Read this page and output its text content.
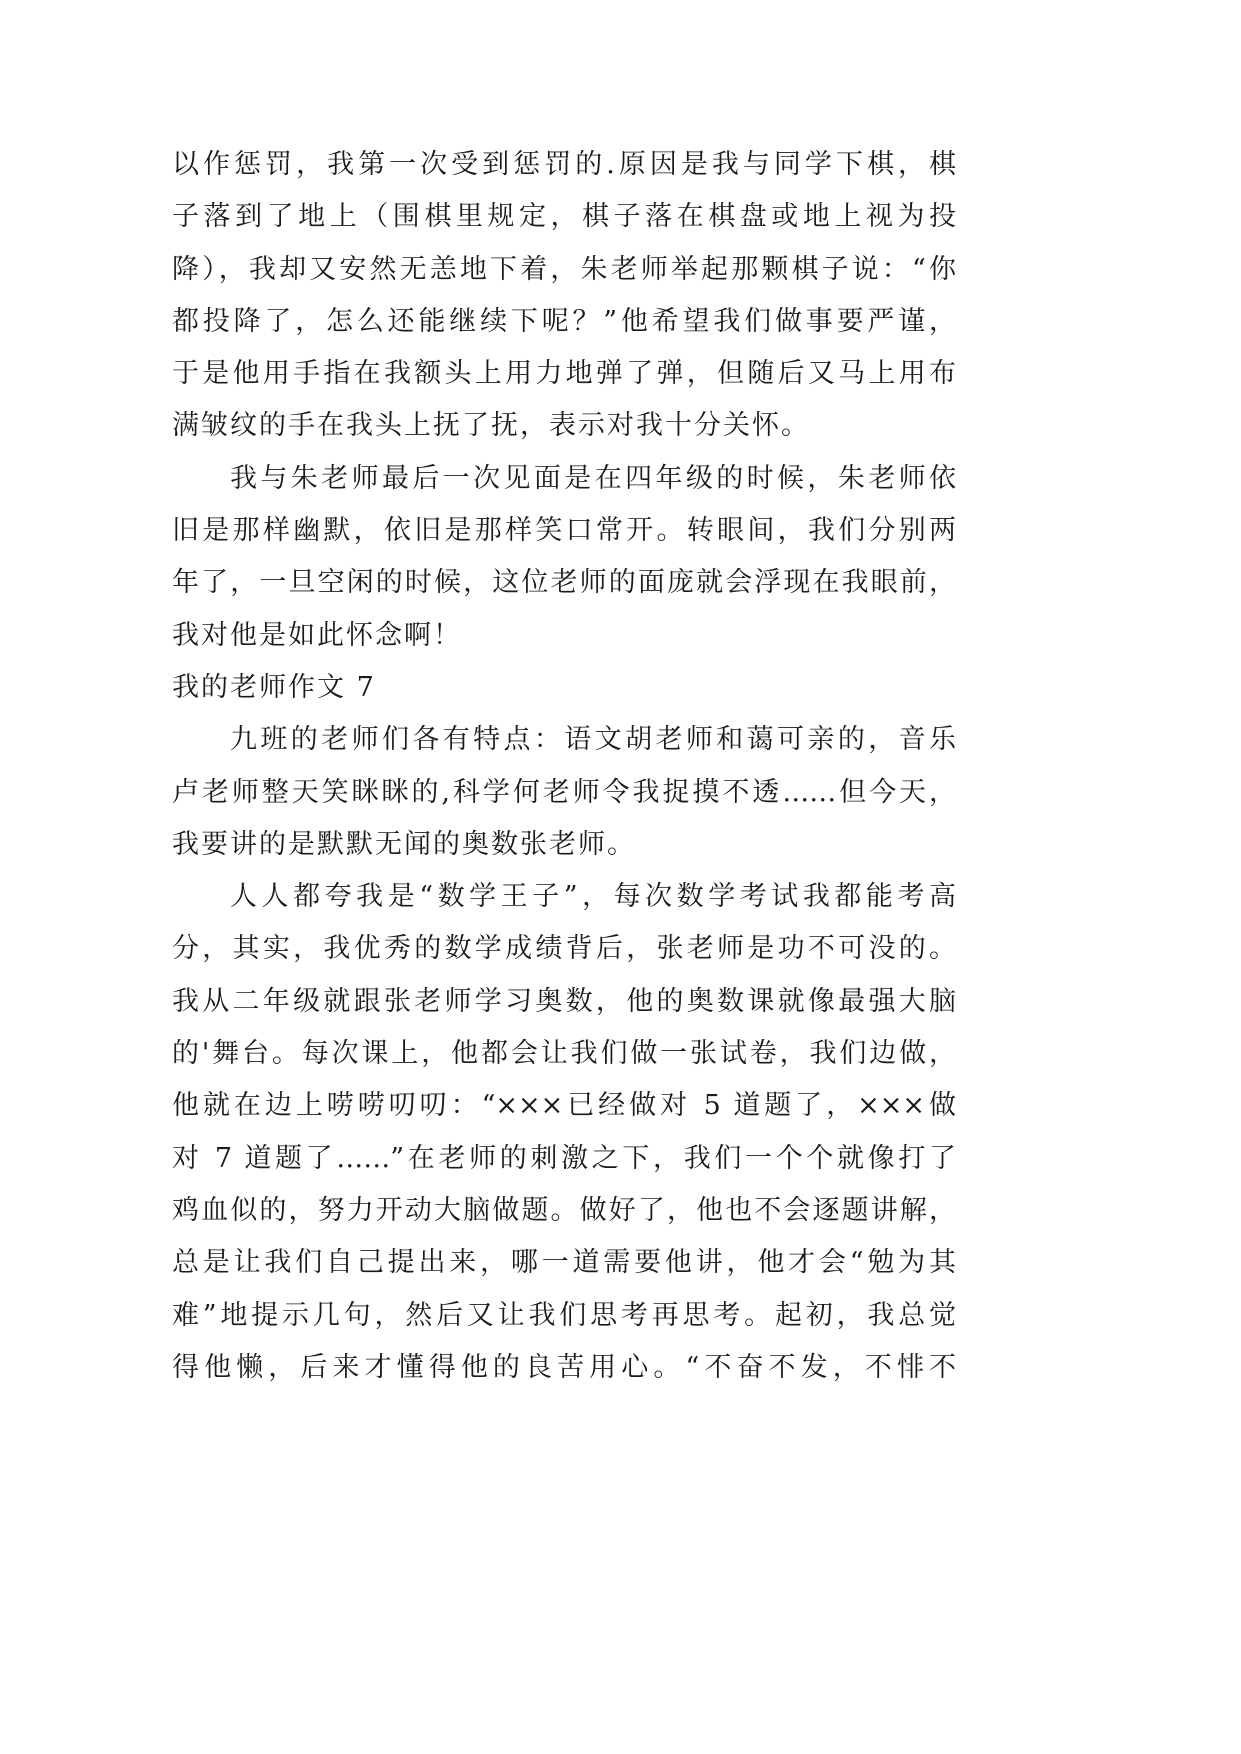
以作惩罚，我第一次受到惩罚的.原因是我与同学下棋，棋
子落到了地上（围棋里规定，棋子落在棋盘或地上视为投
降），我却又安然无恙地下着，朱老师举起那颗棋子说：“你
都投降了，怎么还能继续下呢？”他希望我们做事要严谨，
于是他用手指在我额头上用力地弹了弹，但随后又马上用布
满皱纹的手在我头上抚了抚，表示对我十分关怀。
我与朱老师最后一次见面是在四年级的时候，朱老师依
旧是那样幽默，依旧是那样笑口常开。转眼间，我们分别两
年了，一旦空闲的时候，这位老师的面庞就会浮现在我眼前，
我对他是如此怀念啊！
我的老师作文 7
九班的老师们各有特点：语文胡老师和蔼可亲的，音乐
卢老师整天笑眯眯的,科学何老师令我捉摸不透……但今天，
我要讲的是默默无闻的奥数张老师。
人人都夸我是“数学王子”，每次数学考试我都能考高
分，其实，我优秀的数学成绩背后，张老师是功不可没的。
我从二年级就跟张老师学习奥数，他的奥数课就像最强大脑
的'舞台。每次课上，他都会让我们做一张试卷，我们边做，
他就在边上唠唠叨叨：“×××已经做对 5 道题了，×××做
对 7 道题了……”在老师的刺激之下，我们一个个就像打了
鸡血似的，努力开动大脑做题。做好了，他也不会逐题讲解，
总是让我们自己提出来，哪一道需要他讲，他才会“勉为其
难”地提示几句，然后又让我们思考再思考。起初，我总觉
得他懒，后来才懂得他的良苦用心。“不奋不发，不悱不
